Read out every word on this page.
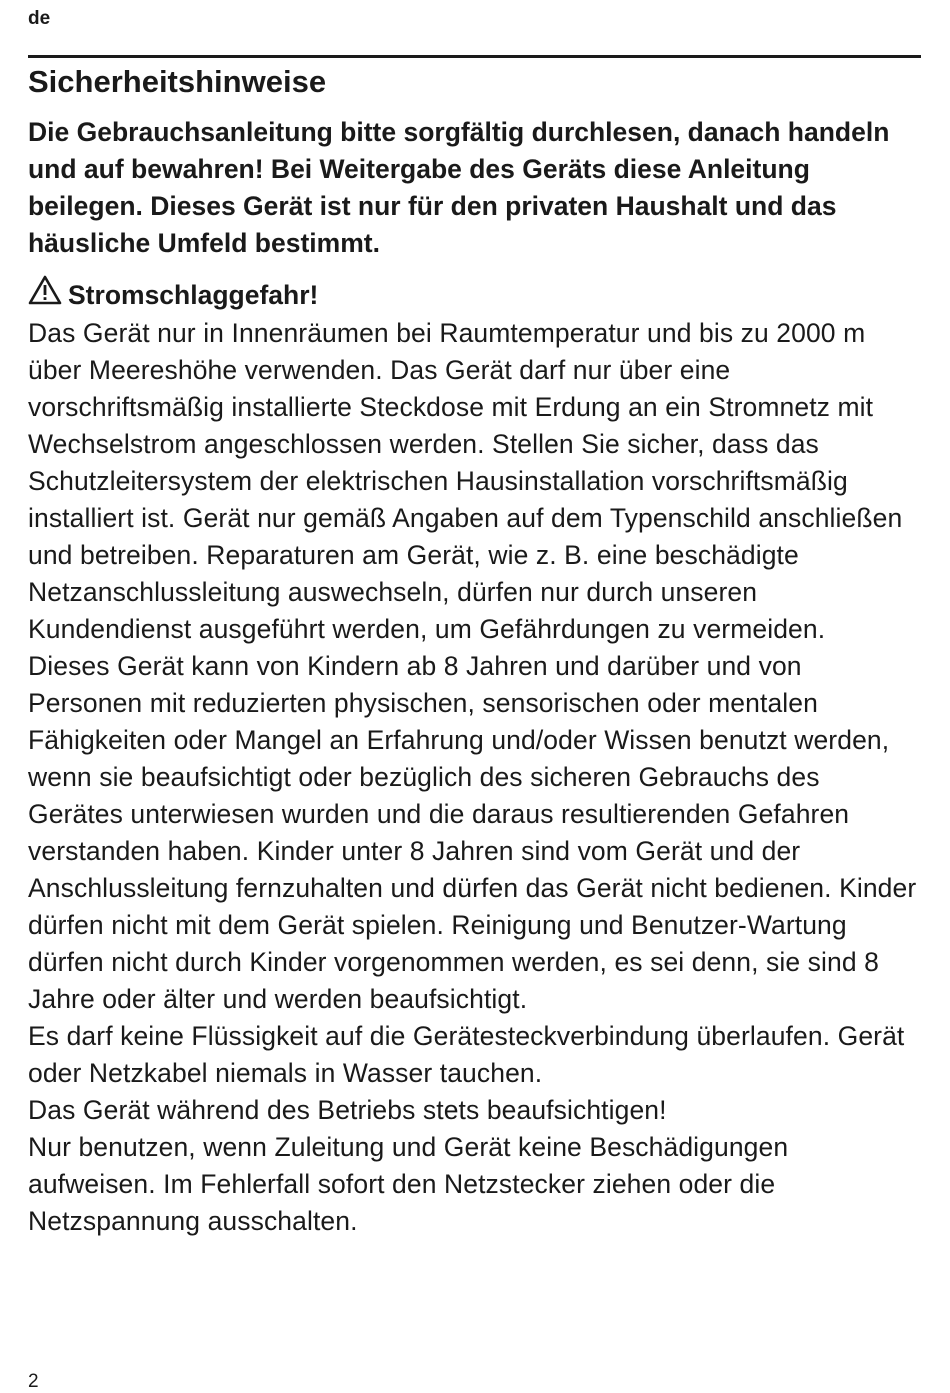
de
Sicherheitshinweise

Die Gebrauchsanleitung bitte sorgfältig durchlesen, danach handeln und auf bewahren! Bei Weitergabe des Geräts diese Anleitung beilegen. Dieses Gerät ist nur für den privaten Haushalt und das häusliche Umfeld bestimmt.

Stromschlaggefahr!

Das Gerät nur in Innenräumen bei Raumtemperatur und bis zu 2000 m über Meereshöhe verwenden. Das Gerät darf nur über eine vorschriftsmäßig installierte Steckdose mit Erdung an ein Stromnetz mit Wechselstrom angeschlossen werden. Stellen Sie sicher, dass das Schutzleitersystem der elektrischen Hausinstallation vorschriftsmäßig installiert ist. Gerät nur gemäß Angaben auf dem Typenschild anschließen und betreiben. Reparaturen am Gerät, wie z. B. eine beschädigte Netzanschlussleitung auswechseln, dürfen nur durch unseren Kundendienst ausgeführt werden, um Gefährdungen zu vermeiden.

Dieses Gerät kann von Kindern ab 8 Jahren und darüber und von Personen mit reduzierten physischen, sensorischen oder mentalen Fähigkeiten oder Mangel an Erfahrung und/oder Wissen benutzt werden, wenn sie beaufsichtigt oder bezüglich des sicheren Gebrauchs des Gerätes unterwiesen wurden und die daraus resultierenden Gefahren verstanden haben. Kinder unter 8 Jahren sind vom Gerät und der Anschlussleitung fernzuhalten und dürfen das Gerät nicht bedienen. Kinder dürfen nicht mit dem Gerät spielen. Reinigung und Benutzer-Wartung dürfen nicht durch Kinder vorgenommen werden, es sei denn, sie sind 8 Jahre oder älter und werden beaufsichtigt.

Es darf keine Flüssigkeit auf die Gerätesteckverbindung überlaufen. Gerät oder Netzkabel niemals in Wasser tauchen.

Das Gerät während des Betriebs stets beaufsichtigen!

Nur benutzen, wenn Zuleitung und Gerät keine Beschädigungen aufweisen. Im Fehlerfall sofort den Netzstecker ziehen oder die Netzspannung ausschalten.

2
